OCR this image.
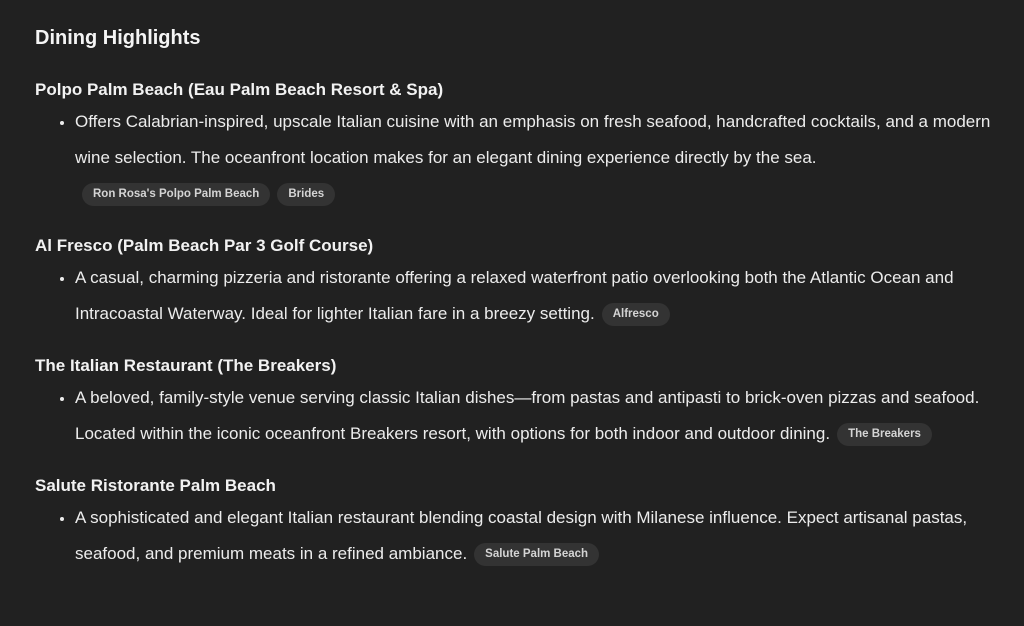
Dining Highlights

Polpo Palm Beach (Eau Palm Beach Resort & Spa)

• Offers Calabrian-inspired, upscale Italian cuisine with an emphasis on fresh seafood, handcrafted cocktails, and a modern wine selection. The oceanfront location makes for an elegant dining experience directly by the sea.Ron Rosa's Polpo Palm Beach	Brides

Al Fresco (Palm Beach Par 3 Golf Course)

• A casual, charming pizzeria and ristorante offering a relaxed waterfront patio overlooking both the Atlantic Ocean and Intracoastal Waterway. Ideal for lighter Italian fare in a breezy setting. Alfresco

The Italian Restaurant (The Breakers)

• A beloved, family-style venue serving classic Italian dishes—from pastas and antipasti to brick-oven pizzas and seafood. Located within the iconic oceanfront Breakers resort, with options for both indoor and outdoor dining. The Breakers

Salute Ristorante Palm Beach

• A sophisticated and elegant Italian restaurant blending coastal design with Milanese influence. Expect artisanal pastas, seafood, and premium meats in a refined ambiance. Salute Palm Beach
